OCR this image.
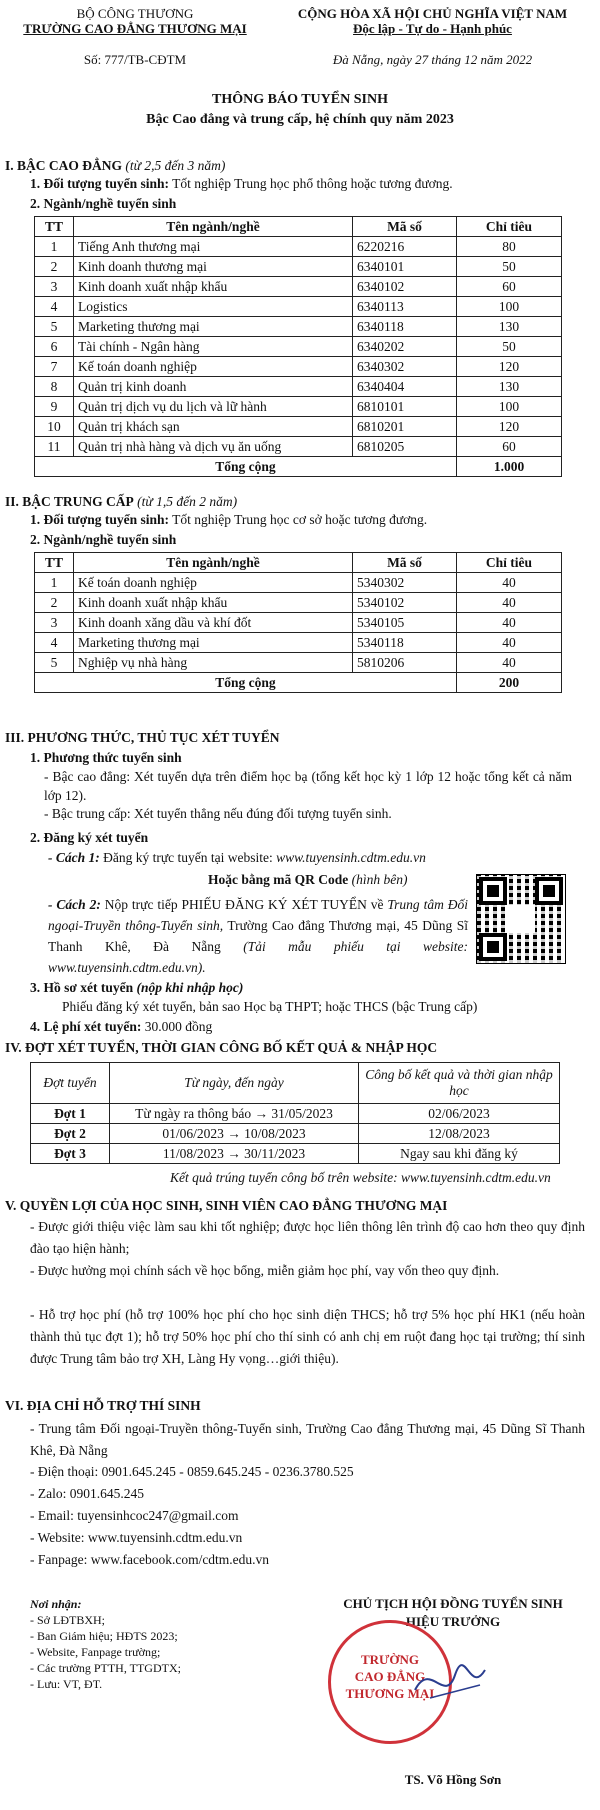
BỘ CÔNG THƯƠNG
TRƯỜNG CAO ĐẲNG THƯƠNG MẠI
Số: 777/TB-CĐTM
CỘNG HÒA XÃ HỘI CHỦ NGHĨA VIỆT NAM
Độc lập - Tự do - Hạnh phúc
Đà Nẵng, ngày 27 tháng 12 năm 2022
THÔNG BÁO TUYỂN SINH
Bậc Cao đẳng và trung cấp, hệ chính quy năm 2023
I. BẬC CAO ĐẲNG (từ 2,5 đến 3 năm)
1. Đối tượng tuyển sinh: Tốt nghiệp Trung học phổ thông hoặc tương đương.
2. Ngành/nghề tuyển sinh
TT	Tên ngành/nghề	Mã số	Chỉ tiêu
1	Tiếng Anh thương mại	6220216	80
2	Kinh doanh thương mại	6340101	50
3	Kinh doanh xuất nhập khẩu	6340102	60
4	Logistics	6340113	100
5	Marketing thương mại	6340118	130
6	Tài chính - Ngân hàng	6340202	50
7	Kế toán doanh nghiệp	6340302	120
8	Quản trị kinh doanh	6340404	130
9	Quản trị dịch vụ du lịch và lữ hành	6810101	100
10	Quản trị khách sạn	6810201	120
11	Quản trị nhà hàng và dịch vụ ăn uống	6810205	60
Tổng cộng			1.000
II. BẬC TRUNG CẤP (từ 1,5 đến 2 năm)
1. Đối tượng tuyển sinh: Tốt nghiệp Trung học cơ sở hoặc tương đương.
2. Ngành/nghề tuyển sinh
TT	Tên ngành/nghề	Mã số	Chỉ tiêu
1	Kế toán doanh nghiệp	5340302	40
2	Kinh doanh xuất nhập khẩu	5340102	40
3	Kinh doanh xăng dầu và khí đốt	5340105	40
4	Marketing thương mại	5340118	40
5	Nghiệp vụ nhà hàng	5810206	40
Tổng cộng			200
III. PHƯƠNG THỨC, THỦ TỤC XÉT TUYỂN
1. Phương thức tuyển sinh
- Bậc cao đẳng: Xét tuyển dựa trên điểm học bạ (tổng kết học kỳ 1 lớp 12 hoặc tổng kết cả năm lớp 12).
- Bậc trung cấp: Xét tuyển thẳng nếu đúng đối tượng tuyển sinh.
2. Đăng ký xét tuyển
- Cách 1: Đăng ký trực tuyến tại website: www.tuyensinh.cdtm.edu.vn
Hoặc bằng mã QR Code (hình bên)
- Cách 2: Nộp trực tiếp PHIẾU ĐĂNG KÝ XÉT TUYỂN về Trung tâm Đối ngoại-Truyền thông-Tuyển sinh, Trường Cao đẳng Thương mại, 45 Dũng Sĩ Thanh Khê, Đà Nẵng (Tải mẫu phiếu tại website: www.tuyensinh.cdtm.edu.vn).
3. Hồ sơ xét tuyển (nộp khi nhập học)
Phiếu đăng ký xét tuyển, bản sao Học bạ THPT; hoặc THCS (bậc Trung cấp)
4. Lệ phí xét tuyển: 30.000 đồng
IV. ĐỢT XÉT TUYỂN, THỜI GIAN CÔNG BỐ KẾT QUẢ & NHẬP HỌC
Đợt tuyển	Từ ngày, đến ngày	Công bố kết quả và thời gian nhập học
Đợt 1	Từ ngày ra thông báo → 31/05/2023	02/06/2023
Đợt 2	01/06/2023 → 10/08/2023	12/08/2023
Đợt 3	11/08/2023 → 30/11/2023	Ngay sau khi đăng ký
Kết quả trúng tuyển công bố trên website: www.tuyensinh.cdtm.edu.vn
V. QUYỀN LỢI CỦA HỌC SINH, SINH VIÊN CAO ĐẲNG THƯƠNG MẠI
- Được giới thiệu việc làm sau khi tốt nghiệp; được học liên thông lên trình độ cao hơn theo quy định đào tạo hiện hành;
- Được hưởng mọi chính sách về học bổng, miễn giảm học phí, vay vốn theo quy định.
- Hỗ trợ học phí (hỗ trợ 100% học phí cho học sinh diện THCS; hỗ trợ 5% học phí HK1 (nếu hoàn thành thủ tục đợt 1); hỗ trợ 50% học phí cho thí sinh có anh chị em ruột đang học tại trường; thí sinh được Trung tâm bảo trợ XH, Làng Hy vọng…giới thiệu).
VI. ĐỊA CHỈ HỖ TRỢ THÍ SINH
- Trung tâm Đối ngoại-Truyền thông-Tuyển sinh, Trường Cao đẳng Thương mại, 45 Dũng Sĩ Thanh Khê, Đà Nẵng
- Điện thoại: 0901.645.245 - 0859.645.245 - 0236.3780.525
- Zalo: 0901.645.245
- Email: tuyensinhcoc247@gmail.com
- Website: www.tuyensinh.cdtm.edu.vn
- Fanpage: www.facebook.com/cdtm.edu.vn
Nơi nhận:
- Sở LĐTBXH;
- Ban Giám hiệu; HĐTS 2023;
- Website, Fanpage trường;
- Các trường PTTH, TTGDTX;
- Lưu: VT, ĐT.
CHỦ TỊCH HỘI ĐỒNG TUYỂN SINH
HIỆU TRƯỞNG
TRƯỜNG
CAO ĐẲNG
THƯƠNG MẠI
TS. Võ Hồng Sơn
